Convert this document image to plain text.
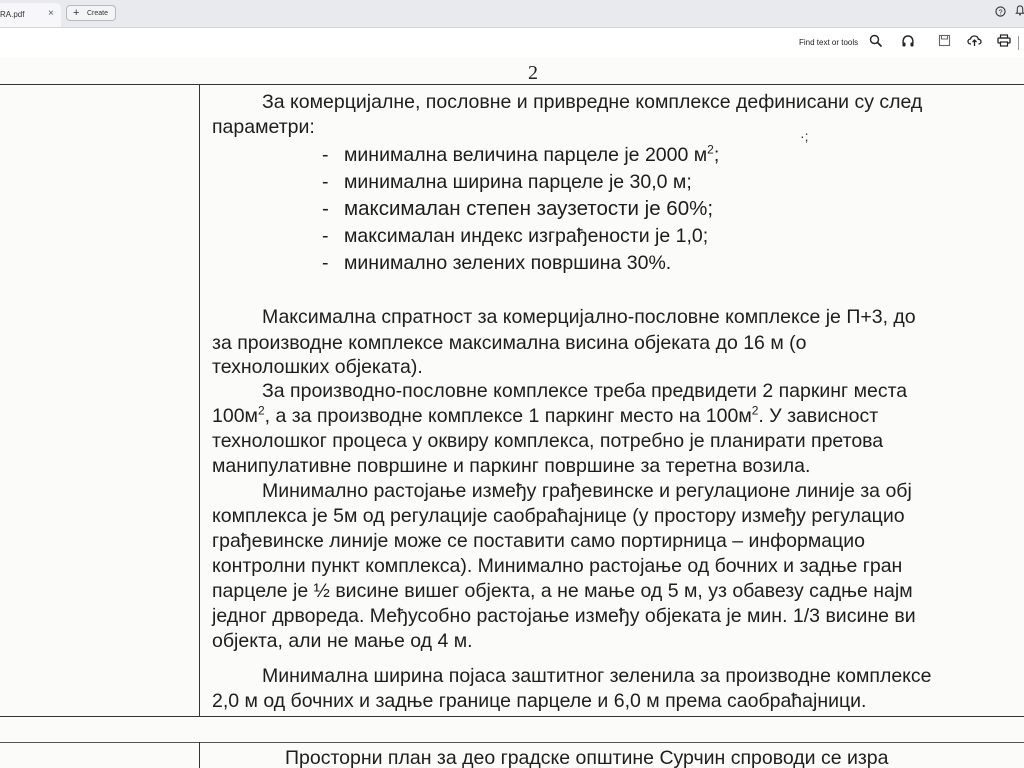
RA.pdf	× + Create	?
Find text or tools
2
За комерцијалне, пословне и привредне комплексе дефинисани су след
параметри:
- минимална величина парцеле је 2000 $м^2$;
- минимална ширина парцеле је 30,0 м;
- максималан степен заузетости је 60%;
- максималан индекс изграђености је 1,0;
- минимално зелених површина 30%.
·;
Максимална спратност за комерцијално-пословне комплексе је П+3, до
за производне комплексе максимална висина објеката до 16 м (о
технолошких објеката).
За производно-пословне комплексе треба предвидети 2 паркинг места
$100м^2$, а за производне комплексе 1 паркинг место на $100м^2$. У зависност
технолошког процеса у оквиру комплекса, потребно је планирати претова
манипулативне површине и паркинг површине за теретна возила.
Минимално растојање између грађевинске и регулационе линије за обј
комплекса је 5м од регулације саобраћајнице (у простору између регулацио
грађевинске линије може се поставити само портирница – информацио
контролни пункт комплекса). Минимално растојање од бочних и задње гран
парцеле је ½ висине вишег објекта, а не мање од 5 м, уз обавезу садње најм
једног дрвореда. Међусобно растојање између објеката је мин. 1/3 висине ви
објекта, али не мање од 4 м.
Минимална ширина појаса заштитног зеленила за производне комплексе
2,0 м од бочних и задње границе парцеле и 6,0 м према саобраћајници.
Просторни план за део градске општине Сурчин спроводи се изра
